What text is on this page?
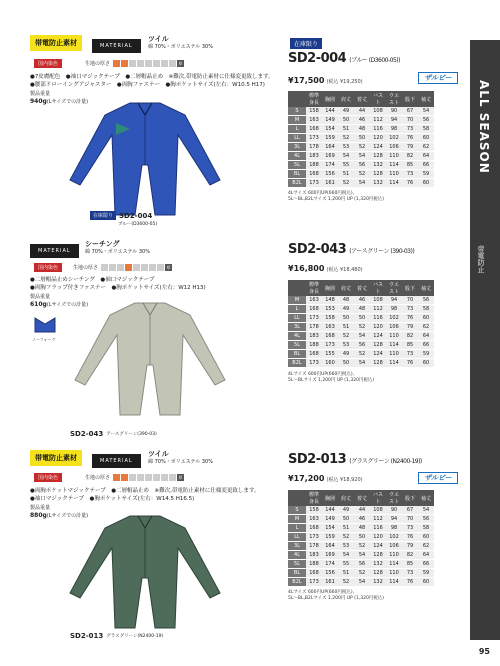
ALL SEASON
帝電防止
帯電防止素材	MATERIAL
ツイル
綿 70%・ポリエステル 30%
国内染色	生地の厚さ	厚
●7皮膚配色　●袖口マジックテープ　●二層帽晶止め　※難次,帯電防止素材に仕様変更致します。
●腰部ドローイングアジャスター　●両胸ファスナー　●胸ポケットサイズ(左右：W10.5 H17)
製品重量
940g(Lサイズでの計量)
在庫限り SD2-004
ブルー(D3600-05)
在庫限り
SD2-004 (ブルー (D3600-05))
¥17,500 (税込 ¥19,250)	ザルビー
	標準身長	胸囲	肩丈	着丈	バスト	ウエスト	股下	袖丈
S	158	144	49	44	108	90	67	54
M	163	149	50	46	112	94	70	56
L	168	154	51	48	116	98	73	58
LL	173	159	52	50	120	102	76	60
3L	178	164	53	52	124	106	79	62
4L	183	169	54	54	128	110	82	64
5L	188	174	55	56	132	114	85	66
BL	168	156	51	52	128	110	73	59
B2L	173	161	52	54	132	114	76	60
4Lサイズ 600円UP(660円税込),
5L～BL,B2Lサイズ 1,200円 UP (1,320円税込)
MATERIAL
シーチング
綿 70%・ポリエステル 30%
国内染色	生地の厚さ	厚
●二層帽晶止めシーチング　●袖口マジックテープ
●両胸フラップ付きファスナー　●胸ポケットサイズ(左右：W12 H13)
製品重量
610g(Lサイズでの計量)
ノーフォーク
SD2-043 アースグリーン(390-03)
SD2-043 (アースグリーン (390-03))
¥16,800 (税込 ¥18,480)
	標準身長	胸囲	肩丈	着丈	バスト	ウエスト	股下	袖丈
M	163	148	48	46	108	94	70	56
L	168	153	49	48	112	98	73	58
LL	173	158	50	50	116	102	76	60
3L	178	163	51	52	120	106	79	62
4L	183	168	52	54	124	110	82	64
5L	188	173	53	56	128	114	85	66
BL	168	155	49	52	124	110	73	59
B2L	173	160	50	54	128	114	76	60
4Lサイズ 600円UP(660円税込),
5L～BLサイズ 1,200円 UP (1,320円税込)
帯電防止素材	MATERIAL
ツイル
綿 70%・ポリエステル 30%
国内染色	生地の厚さ	厚
●両胸ポケットマジックテープ　●二層帽晶止め　※難次,帯電防止素材に仕様変更致します。
●袖口マジックテープ　●胸ポケットサイズ(左右：W14.5 H16.5)
製品重量
880g(Lサイズでの計量)
SD2-013 グラスグリーン(N2400-19)
SD2-013 (グラスグリーン (N2400-19))
¥17,200 (税込 ¥18,920)	ザルビー
	標準身長	胸囲	肩丈	着丈	バスト	ウエスト	股下	袖丈
S	158	144	49	44	108	90	67	54
M	163	149	50	46	112	94	70	56
L	168	154	51	48	116	98	73	58
LL	173	159	52	50	120	102	76	60
3L	178	164	53	52	124	106	79	62
4L	183	169	54	54	128	110	82	64
5L	188	174	55	56	132	114	85	66
BL	168	156	51	52	128	110	73	59
B2L	173	161	52	54	132	114	76	60
4Lサイズ 600円UP(660円税込),
5L～BL,B2Lサイズ 1,200円 UP (1,320円税込)
95
